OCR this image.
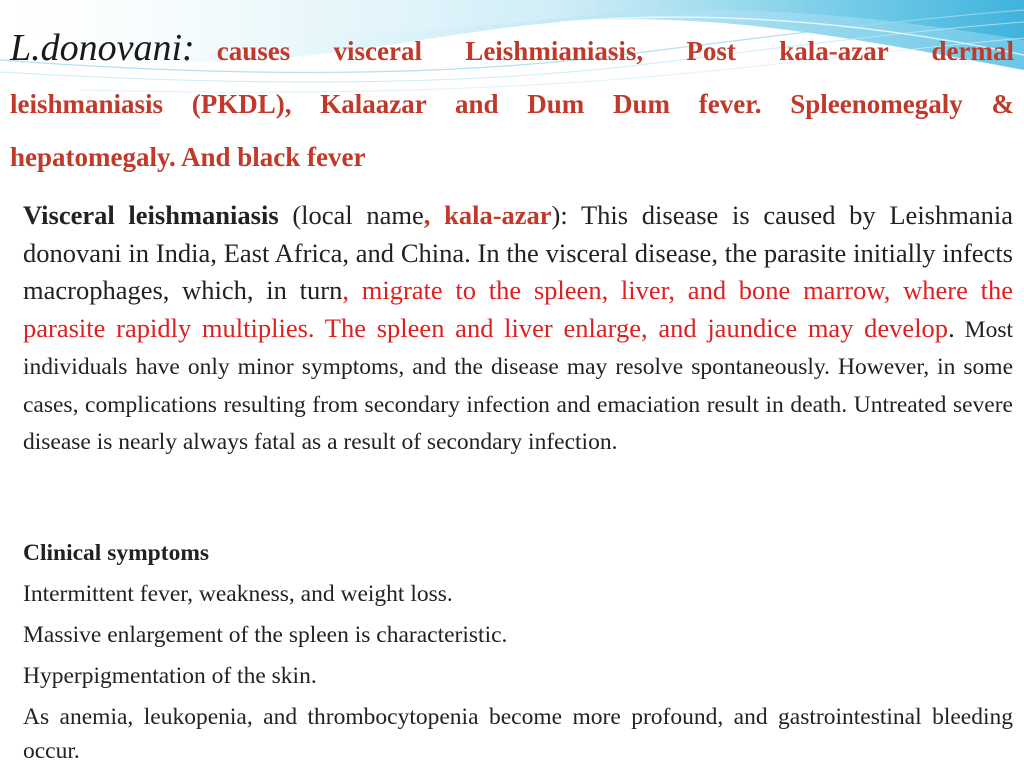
L.donovani: causes visceral Leishmianiasis, Post kala-azar dermal
leishmaniasis (PKDL), Kalaazar and Dum Dum fever. Spleenomegaly &
hepatomegaly. And black fever
Visceral leishmaniasis (local name, kala-azar): This disease is caused by Leishmania donovani in India, East Africa, and China. In the visceral disease, the parasite initially infects macrophages, which, in turn, migrate to the spleen, liver, and bone marrow, where the parasite rapidly multiplies. The spleen and liver enlarge, and jaundice may develop. Most individuals have only minor symptoms, and the disease may resolve spontaneously. However, in some cases, complications resulting from secondary infection and emaciation result in death. Untreated severe disease is nearly always fatal as a result of secondary infection.
Clinical symptoms
Intermittent fever, weakness, and weight loss.
Massive enlargement of the spleen is characteristic.
Hyperpigmentation of the skin.
As anemia, leukopenia, and thrombocytopenia become more profound, and gastrointestinal bleeding occur.
